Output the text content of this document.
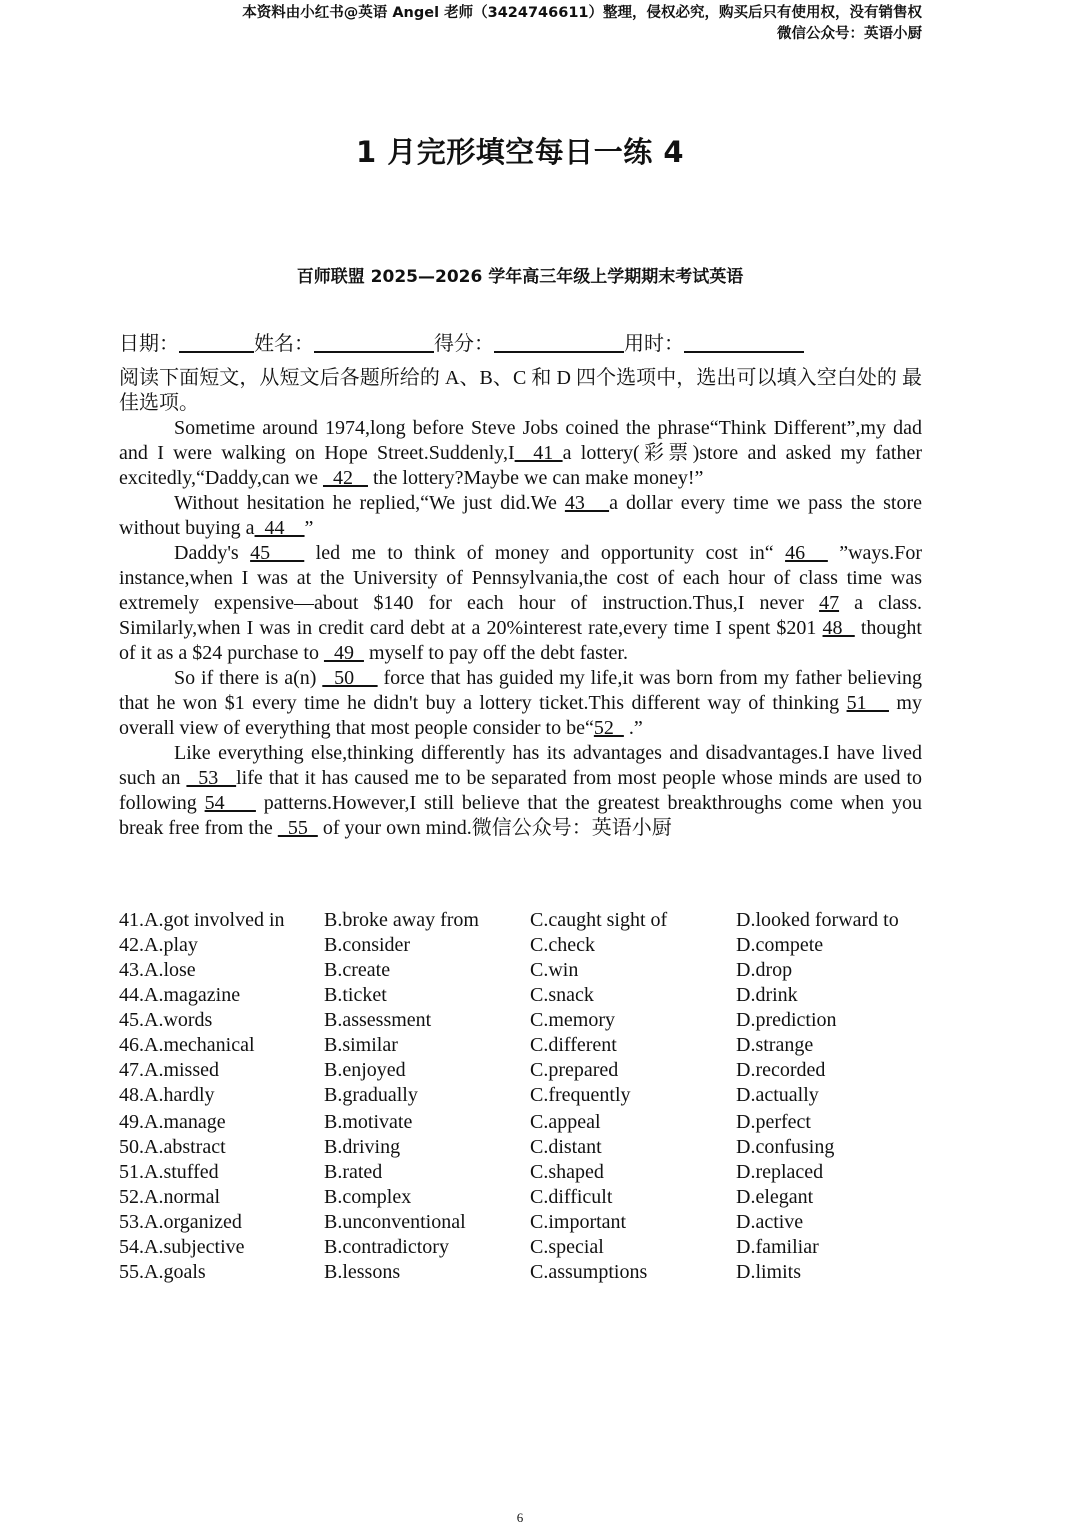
本资料由小红书@英语 Angel 老师（3424746611）整理，侵权必究，购买后只有使用权，没有销售权
微信公众号：英语小厨
1 月完形填空每日一练 4
百师联盟 2025—2026 学年高三年级上学期期末考试英语
日期：	姓名：	得分：	用时：

阅读下面短文，从短文后各题所给的 A、B、C 和 D 四个选项中，选出可以填入空白处的 最佳选项。

Sometime around 1974,long before Steve Jobs coined the phrase“Think Different”,my dad and I were walking on Hope Street.Suddenly,I  41 a lottery(彩票)store and asked my father excitedly,“Daddy,can we   42    the lottery?Maybe we can make money!”

Without hesitation he replied,“We just did.We 43   a dollar every time we pass the store without buying a  44    ”

Daddy's 45    led me to think of money and opportunity cost in“ 46   ”ways.For instance,when I was at the University of Pennsylvania,the cost of each hour of class time was extremely expensive—about $140 for each hour of instruction.Thus,I never 47 a class. Similarly,when I was in credit card debt at a 20%interest rate,every time I spent $201 48   thought of it as a $24 purchase to   49   myself to pay off the debt faster.

So if there is a(n)   50     force that has guided my life,it was born from my father believing that he won $1 every time he didn't buy a lottery ticket.This different way of thinking 51    my overall view of everything that most people consider to be“52   .”

Like everything else,thinking differently has its advantages and disadvantages.I have lived such an   53   life that it has caused me to be separated from most people whose minds are used to following 54     patterns.However,I still believe that the greatest breakthroughs come when you break free from the   55   of your own mind.微信公众号：英语小厨

41.A.got involved in	B.broke away from	C.caught sight of	D.looked forward to
42.A.play	B.consider	C.check	D.compete
43.A.lose	B.create	C.win	D.drop
44.A.magazine	B.ticket	C.snack	D.drink
45.A.words	B.assessment	C.memory	D.prediction
46.A.mechanical	B.similar	C.different	D.strange
47.A.missed	B.enjoyed	C.prepared	D.recorded
48.A.hardly	B.gradually	C.frequently	D.actually
49.A.manage	B.motivate	C.appeal	D.perfect
50.A.abstract	B.driving	C.distant	D.confusing
51.A.stuffed	B.rated	C.shaped	D.replaced
52.A.normal	B.complex	C.difficult	D.elegant
53.A.organized	B.unconventional	C.important	D.active
54.A.subjective	B.contradictory	C.special	D.familiar
55.A.goals	B.lessons	C.assumptions	D.limits
6
